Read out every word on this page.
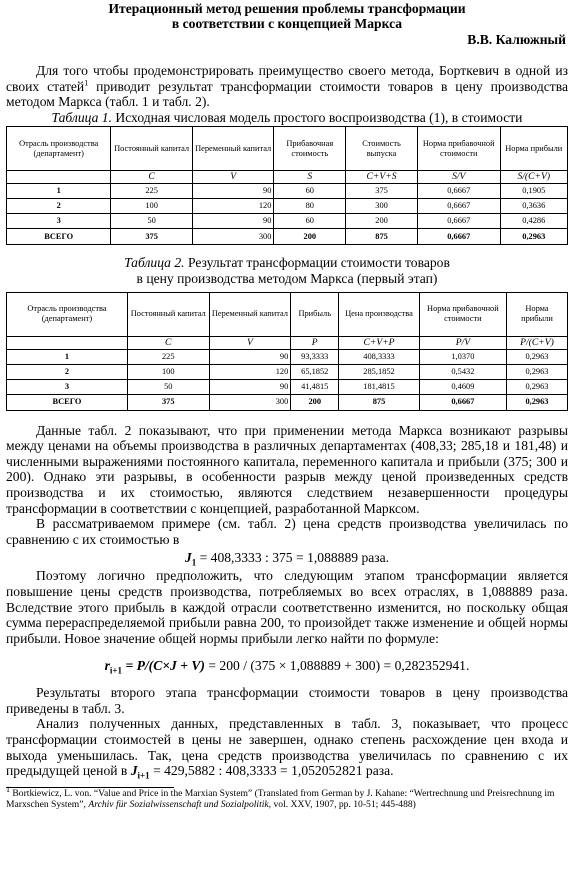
Итерационный метод решения проблемы трансформации
в соответствии с концепцией Маркса
В.В. Калюжный

Для того чтобы продемонстрировать преимущество своего метода, Борткевич в одной из своих статей$^1$ приводит результат трансформации стоимости товаров в цену производства методом Маркса (табл. 1 и табл. 2).

Таблица 1. Исходная числовая модель простого воспроизводства (1), в стоимости
Отрасль производства (департамент)	Постоянный капитал	Переменный капитал	Прибавочная стоимость	Стоимость выпуска	Норма прибавочной стоимости	Норма прибыли
	C	V	S	C+V+S	S/V	S/(C+V)
1	225	90	60	375	0,6667	0,1905
2	100	120	80	300	0,6667	0,3636
3	50	90	60	200	0,6667	0,4286
ВСЕГО	375	300	200	875	0,6667	0,2963
Таблица 2. Результат трансформации стоимости товаров
в цену производства методом Маркса (первый этап)
Отрасль производства (департамент)	Постоянный капитал	Переменный капитал	Прибыль	Цена производства	Норма прибавочной стоимости	Норма прибыли
	C	V	P	C+V+P	P/V	P/(C+V)
1	225	90	93,3333	408,3333	1,0370	0,2963
2	100	120	65,1852	285,1852	0,5432	0,2963
3	50	90	41,4815	181,4815	0,4609	0,2963
ВСЕГО	375	300	200	875	0,6667	0,2963

Данные табл. 2 показывают, что при применении метода Маркса возникают разрывы между ценами на объемы производства в различных департаментах (408,33; 285,18 и 181,48) и численными выражениями постоянного капитала, переменного капитала и прибыли (375; 300 и 200). Однако эти разрывы, в особенности разрыв между ценой произведенных средств производства и их стоимостью, являются следствием незавершенности процедуры трансформации в соответствии с концепцией, разработанной Марксом.

В рассматриваемом примере (см. табл. 2) цена средств производства увеличилась по сравнению с их стоимостью в

$J_1 = 408,3333$ : 375 = 1,088889 раза.

Поэтому логично предположить, что следующим этапом трансформации является повышение цены средств производства, потребляемых во всех отраслях, в 1,088889 раза. Вследствие этого прибыль в каждой отрасли соответственно изменится, но поскольку общая сумма перераспределяемой прибыли равна 200, то произойдет также изменение и общей нормы прибыли. Новое значение общей нормы прибыли легко найти по формуле:

$r_{i+1} = P/(C\times J + V) = 200 / (375 \times 1,088889 + 300) = 0,282352941$.

Результаты второго этапа трансформации стоимости товаров в цену производства приведены в табл. 3.

Анализ полученных данных, представленных в табл. 3, показывает, что процесс трансформации стоимостей в цены не завершен, однако степень расхождение цен входа и выхода уменьшилась. Так, цена средств производства увеличилась по сравнению с их предыдущей ценой в $J_{i+1} = 429,5882$ : 408,3333 = 1,052052821 раза.

$^1$ Bortkiewicz, L. von. “Value and Price in the Marxian System” (Translated from German by J. Kahane: “Wertrechnung und Preisrechnung im Marxschen System”, Archiv für Sozialwissenschaft und Sozialpolitik, vol. XXV, 1907, pp. 10-51; 445-488)
